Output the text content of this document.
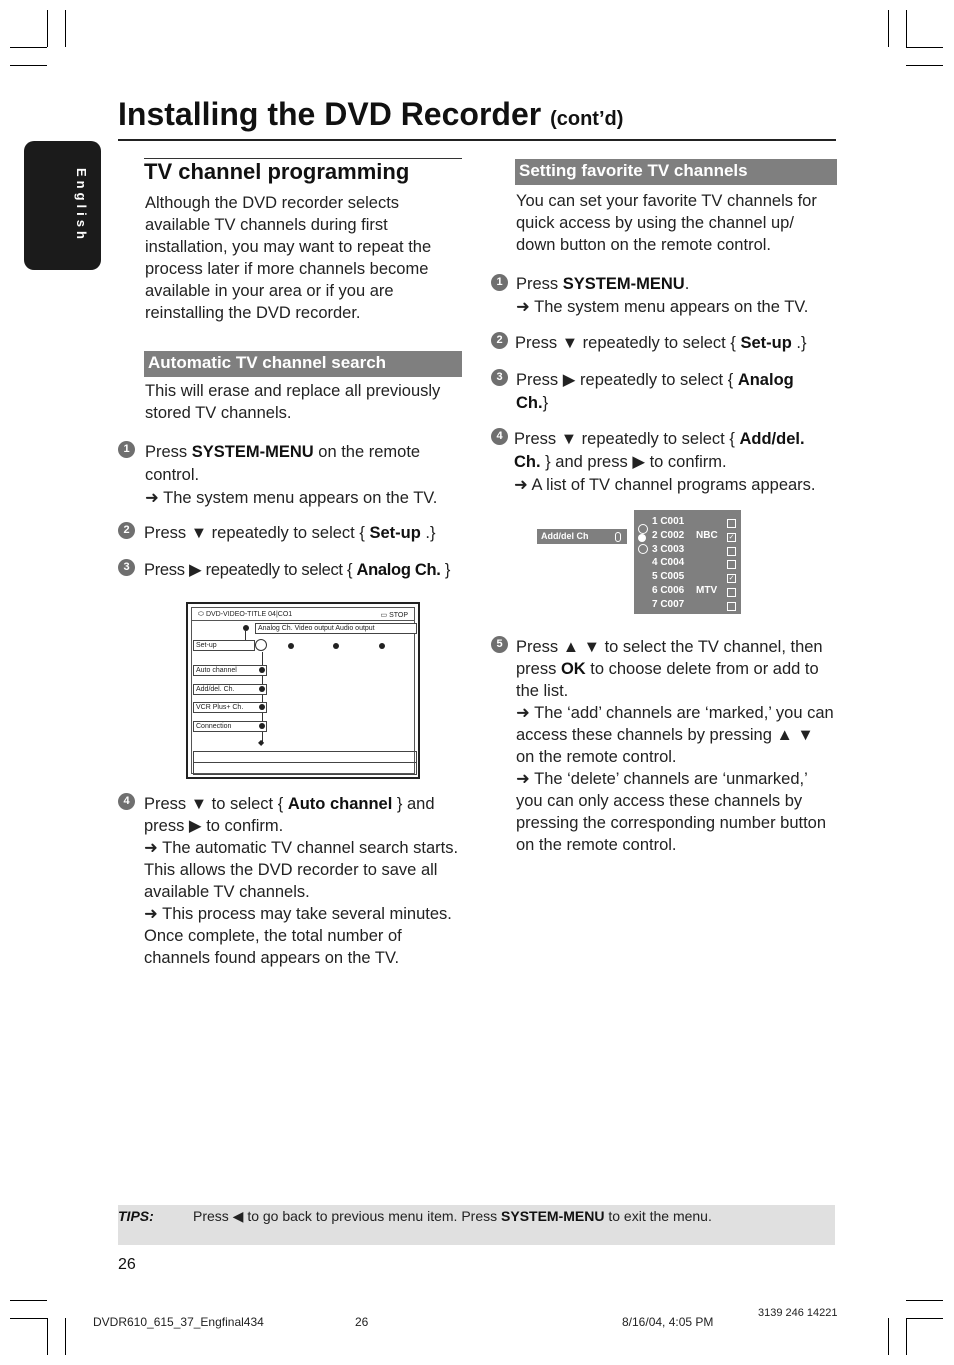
Installing the DVD Recorder (cont’d)
English	TV channel programming
Although the DVD recorder selects available TV channels during first installation, you may want to repeat the process later if more channels become available in your area or if you are reinstalling the DVD recorder.
Automatic TV channel search
This will erase and replace all previously stored TV channels.
1 Press SYSTEM-MENU on the remote control.
➜ The system menu appears on the TV.
2 Press ▼ repeatedly to select { Set-up .}
3 Press ▶ repeatedly to select { Analog Ch. }
⬭ DVD-VIDEO-TITLE 04|CO1	▭ STOP
Analog Ch. Video output Audio output
Set-up
Auto channel
Add/del. Ch.
VCR Plus+ Ch.
Connection
◆
4 Press ▼ to select { Auto channel } and press ▶ to confirm.
➜ The automatic TV channel search starts. This allows the DVD recorder to save all available TV channels.
➜ This process may take several minutes. Once complete, the total number of channels found appears on the TV.
Setting favorite TV channels
You can set your favorite TV channels for quick access by using the channel up/ down button on the remote control.
1 Press SYSTEM-MENU.
➜ The system menu appears on the TV.
2 Press ▼ repeatedly to select { Set-up .}
3 Press ▶ repeatedly to select { Analog Ch.}
4 Press ▼ repeatedly to select { Add/del. Ch. } and press ▶ to confirm.
➜ A list of TV channel programs appears.
Add/del Ch
1 C001
2 C002 NBC ✓
3 C003
4 C004
5 C005	✓
6 C006 MTV
7 C007
5 Press ▲ ▼ to select the TV channel, then press OK to choose delete from or add to the list.
➜ The ‘add’ channels are ‘marked,’ you can access these channels by pressing ▲ ▼ on the remote control.
➜ The ‘delete’ channels are ‘unmarked,’ you can only access these channels by pressing the corresponding number button on the remote control.
TIPS:	Press ◀ to go back to previous menu item. Press SYSTEM-MENU to exit the menu.
26
DVDR610_615_37_Engfinal434	26	8/16/04, 4:05 PM
3139 246 14221
